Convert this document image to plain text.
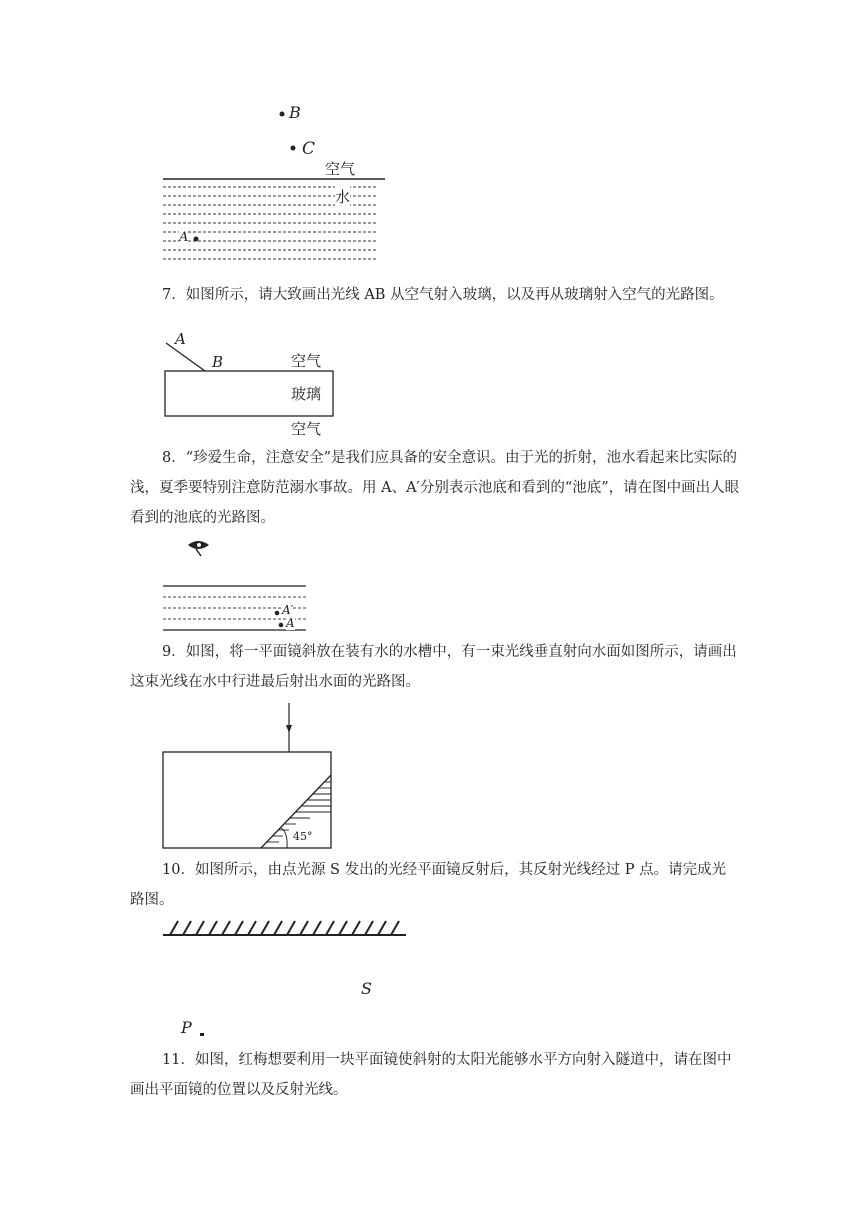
B
C
空气
水
A

7．如图所示，请大致画出光线 AB 从空气射入玻璃，以及再从玻璃射入空气的光路图。

A
B	空气
玻璃
空气

8．“珍爱生命，注意安全”是我们应具备的安全意识。由于光的折射，池水看起来比实际的浅，夏季要特别注意防范溺水事故。用 A、A′分别表示池底和看到的“池底”，请在图中画出人眼看到的池底的光路图。

A′
A

9．如图，将一平面镜斜放在装有水的水槽中，有一束光线垂直射向水面如图所示，请画出这束光线在水中行进最后射出水面的光路图。

45°

10．如图所示，由点光源 S 发出的光经平面镜反射后，其反射光线经过 P 点。请完成光路图。

S
P

11．如图，红梅想要利用一块平面镜使斜射的太阳光能够水平方向射入隧道中，请在图中画出平面镜的位置以及反射光线。
